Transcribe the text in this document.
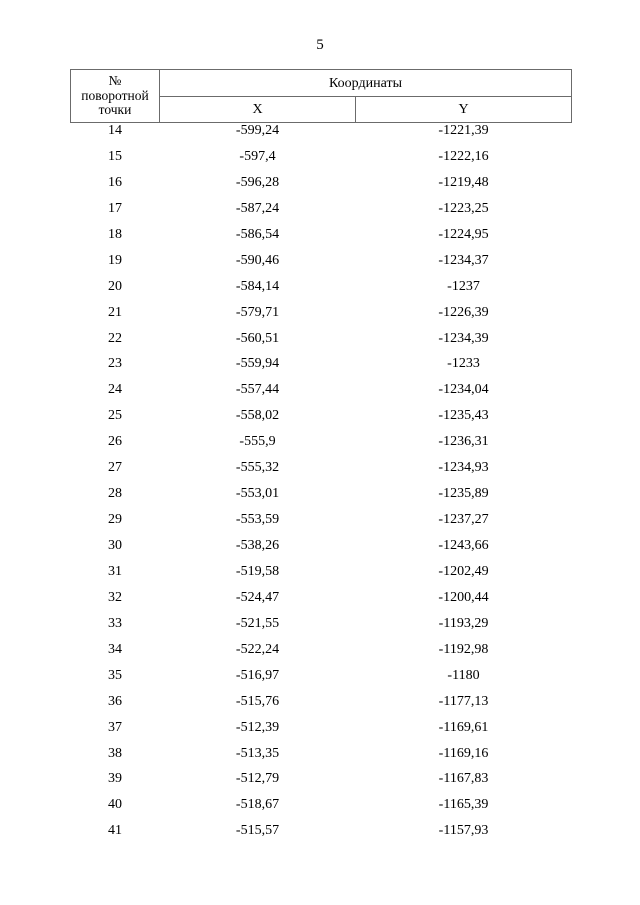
5
№
поворотной
точки	Координаты	
	X	Y
14	-599,24	-1221,39
15	-597,4	-1222,16
16	-596,28	-1219,48
17	-587,24	-1223,25
18	-586,54	-1224,95
19	-590,46	-1234,37
20	-584,14	-1237
21	-579,71	-1226,39
22	-560,51	-1234,39
23	-559,94	-1233
24	-557,44	-1234,04
25	-558,02	-1235,43
26	-555,9	-1236,31
27	-555,32	-1234,93
28	-553,01	-1235,89
29	-553,59	-1237,27
30	-538,26	-1243,66
31	-519,58	-1202,49
32	-524,47	-1200,44
33	-521,55	-1193,29
34	-522,24	-1192,98
35	-516,97	-1180
36	-515,76	-1177,13
37	-512,39	-1169,61
38	-513,35	-1169,16
39	-512,79	-1167,83
40	-518,67	-1165,39
41	-515,57	-1157,93
